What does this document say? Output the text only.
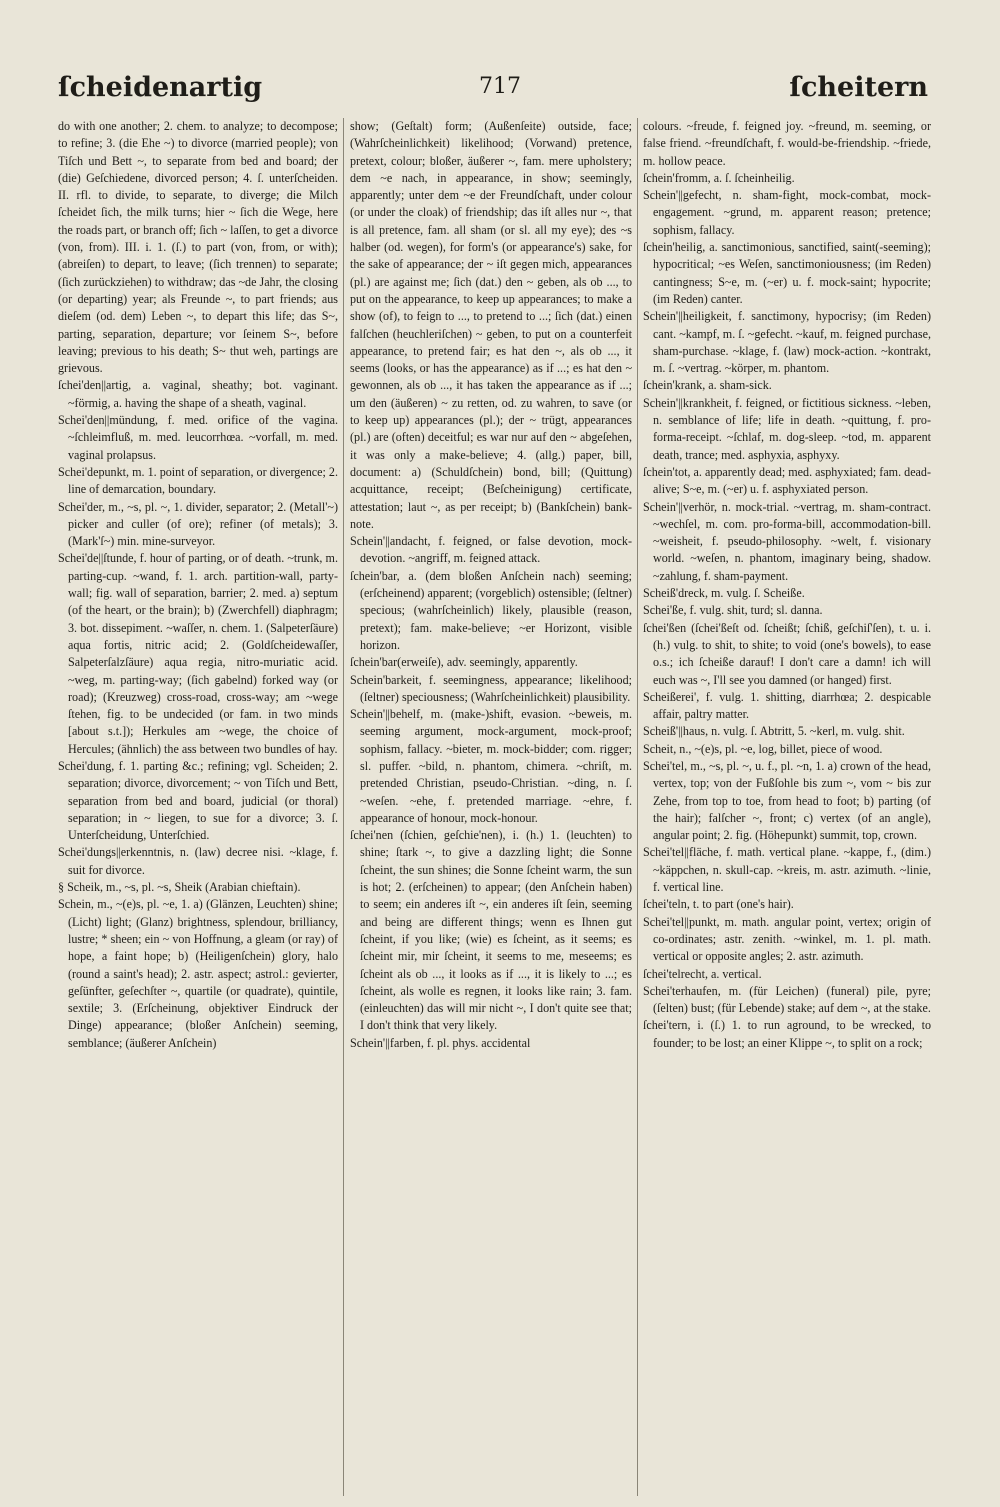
ſcheidenartig	717	ſcheitern

do with one another; 2. chem. to analyze; to decompose; to refine; 3. (die Ehe ~) to divorce (married people); von Tiſch und Bett ~, to separate from bed and board; der (die) Geſchiedene, divorced person; 4. ſ. unterſcheiden. II. rfl. to divide, to separate, to diverge; die Milch ſcheidet ſich, the milk turns; hier ~ ſich die Wege, here the roads part, or branch off; ſich ~ laſſen, to get a divorce (von, from). III. i. 1. (ſ.) to part (von, from, or with); (abreiſen) to depart, to leave; (ſich trennen) to separate; (ſich zurückziehen) to withdraw; das ~de Jahr, the closing (or departing) year; als Freunde ~, to part friends; aus dieſem (od. dem) Leben ~, to depart this life; das S~, parting, separation, departure; vor ſeinem S~, before leaving; previous to his death; S~ thut weh, partings are grievous.

ſchei'den||artig, a. vaginal, sheathy; bot. vaginant. ~förmig, a. having the shape of a sheath, vaginal.

Schei'den||mündung, f. med. orifice of the vagina. ~ſchleimfluß, m. med. leucorrhœa. ~vorfall, m. med. vaginal prolapsus.

Schei'depunkt, m. 1. point of separation, or divergence; 2. line of demarcation, boundary.

Schei'der, m., ~s, pl. ~, 1. divider, separator; 2. (Metall'~) picker and culler (of ore); refiner (of metals); 3. (Mark'ſ~) min. mine-surveyor.

Schei'de||ſtunde, f. hour of parting, or of death. ~trunk, m. parting-cup. ~wand, f. 1. arch. partition-wall, party-wall; fig. wall of separation, barrier; 2. med. a) septum (of the heart, or the brain); b) (Zwerchfell) diaphragm; 3. bot. dissepiment. ~waſſer, n. chem. 1. (Salpeterſäure) aqua fortis, nitric acid; 2. (Goldſcheidewaſſer, Salpeterſalzſäure) aqua regia, nitro-muriatic acid. ~weg, m. parting-way; (ſich gabelnd) forked way (or road); (Kreuzweg) cross-road, cross-way; am ~wege ſtehen, fig. to be undecided (or fam. in two minds [about s.t.]); Herkules am ~wege, the choice of Hercules; (ähnlich) the ass between two bundles of hay.

Schei'dung, f. 1. parting &c.; refining; vgl. Scheiden; 2. separation; divorce, divorcement; ~ von Tiſch und Bett, separation from bed and board, judicial (or thoral) separation; in ~ liegen, to sue for a divorce; 3. ſ. Unterſcheidung, Unterſchied.

Schei'dungs||erkenntnis, n. (law) decree nisi. ~klage, f. suit for divorce.

§ Scheik, m., ~s, pl. ~s, Sheik (Arabian chieftain).

Schein, m., ~(e)s, pl. ~e, 1. a) (Glänzen, Leuchten) shine; (Licht) light; (Glanz) brightness, splendour, brilliancy, lustre; * sheen; ein ~ von Hoffnung, a gleam (or ray) of hope, a faint hope; b) (Heiligenſchein) glory, halo (round a saint's head); 2. astr. aspect; astrol.: gevierter, geſünfter, geſechſter ~, quartile (or quadrate), quintile, sextile; 3. (Erſcheinung, objektiver Eindruck der Dinge) appearance; (bloßer Anſchein) seeming, semblance; (äußerer Anſchein)

show; (Geſtalt) form; (Außenſeite) outside, face; (Wahrſcheinlichkeit) likelihood; (Vorwand) pretence, pretext, colour; bloßer, äußerer ~, fam. mere upholstery; dem ~e nach, in appearance, in show; seemingly, apparently; unter dem ~e der Freundſchaft, under colour (or under the cloak) of friendship; das iſt alles nur ~, that is all pretence, fam. all sham (or sl. all my eye); des ~s halber (od. wegen), for form's (or appearance's) sake, for the sake of appearance; der ~ iſt gegen mich, appearances (pl.) are against me; ſich (dat.) den ~ geben, als ob ..., to put on the appearance, to keep up appearances; to make a show (of), to feign to ..., to pretend to ...; ſich (dat.) einen falſchen (heuchleriſchen) ~ geben, to put on a counterfeit appearance, to pretend fair; es hat den ~, als ob ..., it seems (looks, or has the appearance) as if ...; es hat den ~ gewonnen, als ob ..., it has taken the appearance as if ...; um den (äußeren) ~ zu retten, od. zu wahren, to save (or to keep up) appearances (pl.); der ~ trügt, appearances (pl.) are (often) deceitful; es war nur auf den ~ abgeſehen, it was only a make-believe; 4. (allg.) paper, bill, document: a) (Schuldſchein) bond, bill; (Quittung) acquittance, receipt; (Beſcheinigung) certificate, attestation; laut ~, as per receipt; b) (Bankſchein) bank-note.

Schein'||andacht, f. feigned, or false devotion, mock-devotion. ~angriff, m. feigned attack.

ſchein'bar, a. (dem bloßen Anſchein nach) seeming; (erſcheinend) apparent; (vorgeblich) ostensible; (ſeltner) specious; (wahrſcheinlich) likely, plausible (reason, pretext); fam. make-believe; ~er Horizont, visible horizon.

ſchein'bar(erweiſe), adv. seemingly, apparently.

Schein'barkeit, f. seemingness, appearance; likelihood; (ſeltner) speciousness; (Wahrſcheinlichkeit) plausibility.

Schein'||behelf, m. (make-)shift, evasion. ~beweis, m. seeming argument, mock-argument, mock-proof; sophism, fallacy. ~bieter, m. mock-bidder; com. rigger; sl. puffer. ~bild, n. phantom, chimera. ~chriſt, m. pretended Christian, pseudo-Christian. ~ding, n. ſ. ~weſen. ~ehe, f. pretended marriage. ~ehre, f. appearance of honour, mock-honour.

ſchei'nen (ſchien, geſchie'nen), i. (h.) 1. (leuchten) to shine; ſtark ~, to give a dazzling light; die Sonne ſcheint, the sun shines; die Sonne ſcheint warm, the sun is hot; 2. (erſcheinen) to appear; (den Anſchein haben) to seem; ein anderes iſt ~, ein anderes iſt ſein, seeming and being are different things; wenn es Ihnen gut ſcheint, if you like; (wie) es ſcheint, as it seems; es ſcheint mir, mir ſcheint, it seems to me, meseems; es ſcheint als ob ..., it looks as if ..., it is likely to ...; es ſcheint, als wolle es regnen, it looks like rain; 3. fam. (einleuchten) das will mir nicht ~, I don't quite see that; I don't think that very likely.

Schein'||farben, f. pl. phys. accidental

colours. ~freude, f. feigned joy. ~freund, m. seeming, or false friend. ~freundſchaft, f. would-be-friendship. ~friede, m. hollow peace.

ſchein'fromm, a. ſ. ſcheinheilig.

Schein'||gefecht, n. sham-fight, mock-combat, mock-engagement. ~grund, m. apparent reason; pretence; sophism, fallacy.

ſchein'heilig, a. sanctimonious, sanctified, saint(-seeming); hypocritical; ~es Weſen, sanctimoniousness; (im Reden) cantingness; S~e, m. (~er) u. f. mock-saint; hypocrite; (im Reden) canter.

Schein'||heiligkeit, f. sanctimony, hypocrisy; (im Reden) cant. ~kampf, m. ſ. ~gefecht. ~kauf, m. feigned purchase, sham-purchase. ~klage, f. (law) mock-action. ~kontrakt, m. ſ. ~vertrag. ~körper, m. phantom.

ſchein'krank, a. sham-sick.

Schein'||krankheit, f. feigned, or fictitious sickness. ~leben, n. semblance of life; life in death. ~quittung, f. pro-forma-receipt. ~ſchlaf, m. dog-sleep. ~tod, m. apparent death, trance; med. asphyxia, asphyxy.

ſchein'tot, a. apparently dead; med. asphyxiated; fam. dead-alive; S~e, m. (~er) u. f. asphyxiated person.

Schein'||verhör, n. mock-trial. ~vertrag, m. sham-contract. ~wechſel, m. com. pro-forma-bill, accommodation-bill. ~weisheit, f. pseudo-philosophy. ~welt, f. visionary world. ~weſen, n. phantom, imaginary being, shadow. ~zahlung, f. sham-payment.

Scheiß'dreck, m. vulg. ſ. Scheiße.

Schei'ße, f. vulg. shit, turd; sl. danna.

ſchei'ßen (ſchei'ßeſt od. ſcheißt; ſchiß, geſchiſ'ſen), t. u. i. (h.) vulg. to shit, to shite; to void (one's bowels), to ease o.s.; ich ſcheiße darauf! I don't care a damn! ich will euch was ~, I'll see you damned (or hanged) first.

Scheißerei', f. vulg. 1. shitting, diarrhœa; 2. despicable affair, paltry matter.

Scheiß'||haus, n. vulg. ſ. Abtritt, 5. ~kerl, m. vulg. shit.

Scheit, n., ~(e)s, pl. ~e, log, billet, piece of wood.

Schei'tel, m., ~s, pl. ~, u. f., pl. ~n, 1. a) crown of the head, vertex, top; von der Fußſohle bis zum ~, vom ~ bis zur Zehe, from top to toe, from head to foot; b) parting (of the hair); falſcher ~, front; c) vertex (of an angle), angular point; 2. fig. (Höhepunkt) summit, top, crown.

Schei'tel||fläche, f. math. vertical plane. ~kappe, f., (dim.) ~käppchen, n. skull-cap. ~kreis, m. astr. azimuth. ~linie, f. vertical line.

ſchei'teln, t. to part (one's hair).

Schei'tel||punkt, m. math. angular point, vertex; origin of co-ordinates; astr. zenith. ~winkel, m. 1. pl. math. vertical or opposite angles; 2. astr. azimuth.

ſchei'telrecht, a. vertical.

Schei'terhaufen, m. (für Leichen) (funeral) pile, pyre; (ſelten) bust; (für Lebende) stake; auf dem ~, at the stake.

ſchei'tern, i. (ſ.) 1. to run aground, to be wrecked, to founder; to be lost; an einer Klippe ~, to split on a rock;
